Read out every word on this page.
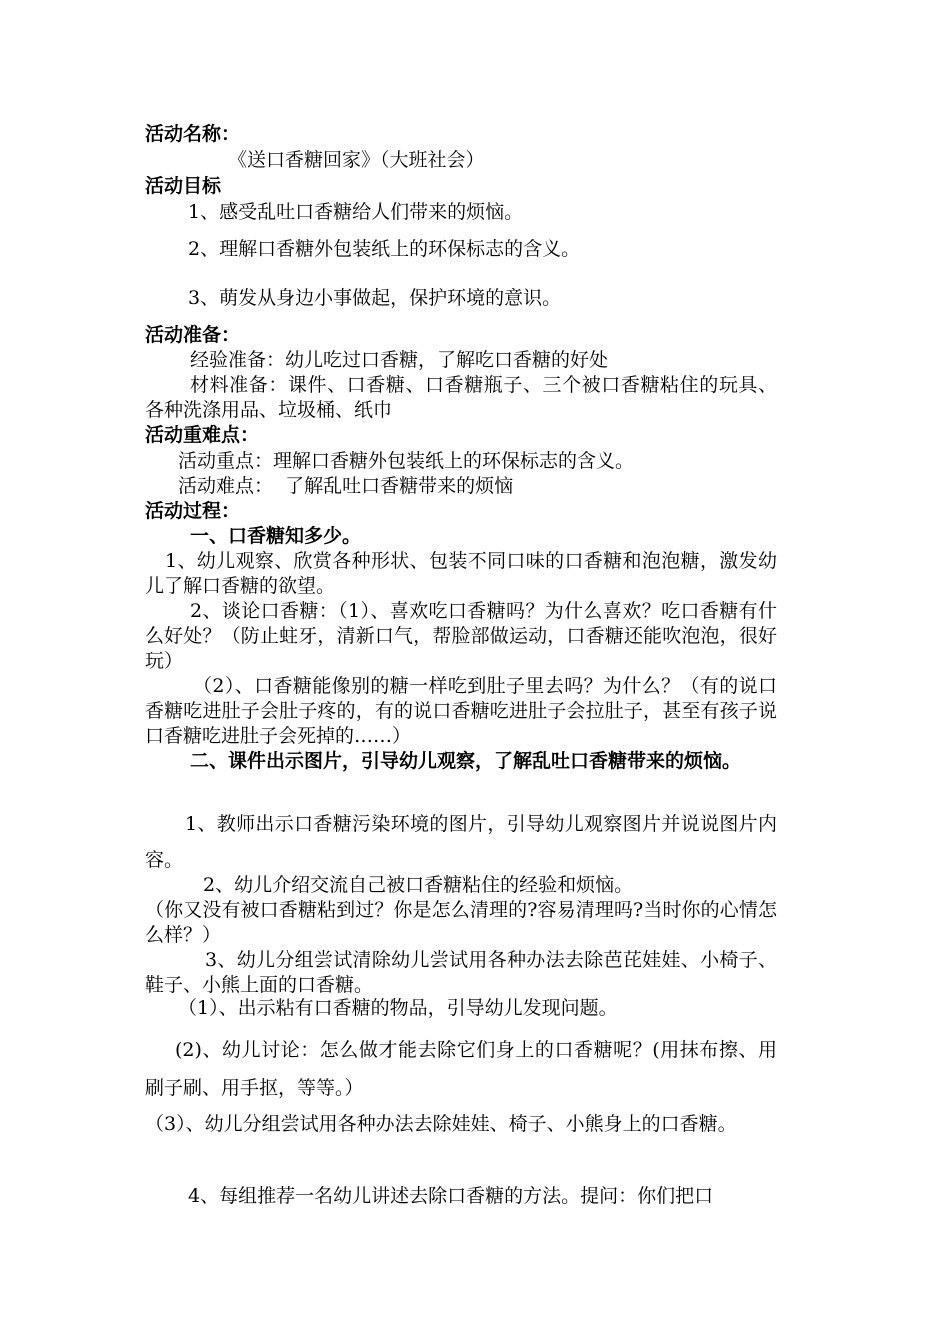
活动名称：

《送口香糖回家》（大班社会）

活动目标

1、感受乱吐口香糖给人们带来的烦恼。

2、理解口香糖外包装纸上的环保标志的含义。

3、萌发从身边小事做起，保护环境的意识。

活动准备：

经验准备：幼儿吃过口香糖，了解吃口香糖的好处

材料准备：课件、口香糖、口香糖瓶子、三个被口香糖粘住的玩具、各种洗涤用品、垃圾桶、纸巾

活动重难点：

活动重点：理解口香糖外包装纸上的环保标志的含义。

活动难点：  了解乱吐口香糖带来的烦恼

活动过程：

一、口香糖知多少。

1、幼儿观察、欣赏各种形状、包装不同口味的口香糖和泡泡糖，激发幼儿了解口香糖的欲望。

2、谈论口香糖：（1）、喜欢吃口香糖吗？为什么喜欢？吃口香糖有什么好处？（防止蛀牙，清新口气，帮脸部做运动，口香糖还能吹泡泡，很好玩）

（2）、口香糖能像别的糖一样吃到肚子里去吗？为什么？（有的说口香糖吃进肚子会肚子疼的，有的说口香糖吃进肚子会拉肚子，甚至有孩子说口香糖吃进肚子会死掉的……）

二、课件出示图片，引导幼儿观察，了解乱吐口香糖带来的烦恼。

1、教师出示口香糖污染环境的图片，引导幼儿观察图片并说说图片内容。

2、幼儿介绍交流自己被口香糖粘住的经验和烦恼。

（你又没有被口香糖粘到过？你是怎么清理的?容易清理吗?当时你的心情怎么样？）

3、幼儿分组尝试清除幼儿尝试用各种办法去除芭芘娃娃、小椅子、鞋子、小熊上面的口香糖。

（1）、出示粘有口香糖的物品，引导幼儿发现问题。

(2)、幼儿讨论：怎么做才能去除它们身上的口香糖呢？(用抹布擦、用刷子刷、用手抠，等等。）

（3）、幼儿分组尝试用各种办法去除娃娃、椅子、小熊身上的口香糖。

4、每组推荐一名幼儿讲述去除口香糖的方法。提问：你们把口
